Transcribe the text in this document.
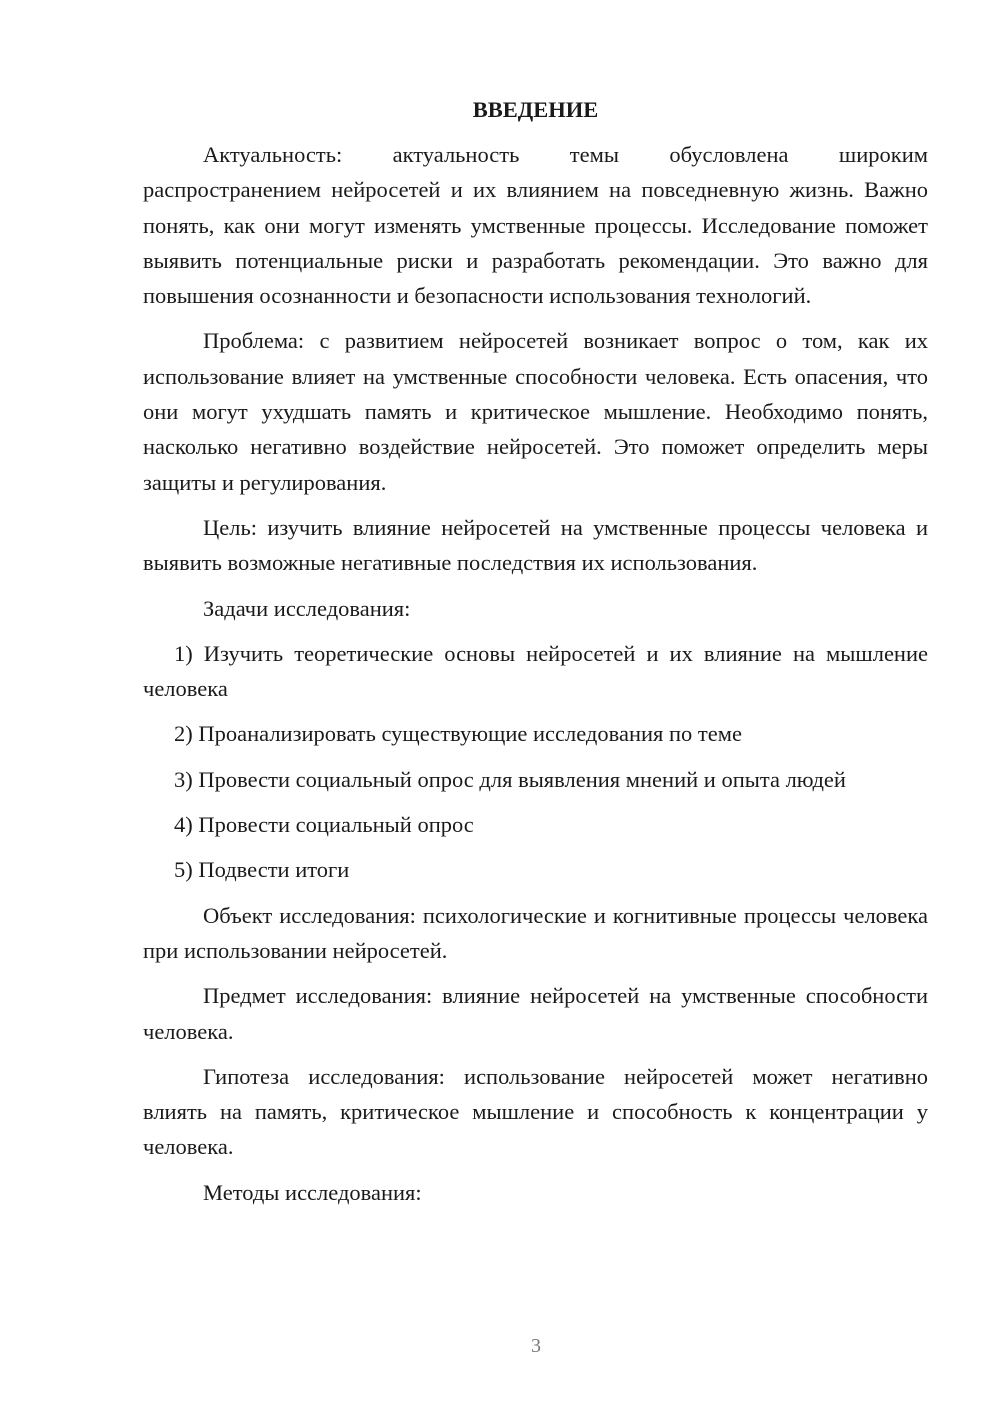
ВВЕДЕНИЕ

Актуальность: актуальность темы обусловлена широким распространением нейросетей и их влиянием на повседневную жизнь. Важно понять, как они могут изменять умственные процессы. Исследование поможет выявить потенциальные риски и разработать рекомендации. Это важно для повышения осознанности и безопасности использования технологий.

Проблема: с развитием нейросетей возникает вопрос о том, как их использование влияет на умственные способности человека. Есть опасения, что они могут ухудшать память и критическое мышление. Необходимо понять, насколько негативно воздействие нейросетей. Это поможет определить меры защиты и регулирования.

Цель: изучить влияние нейросетей на умственные процессы человека и выявить возможные негативные последствия их использования.

Задачи исследования:

1) Изучить теоретические основы нейросетей и их влияние на мышление человека

2) Проанализировать существующие исследования по теме

3) Провести социальный опрос для выявления мнений и опыта людей

4) Провести социальный опрос

5) Подвести итоги

Объект исследования: психологические и когнитивные процессы человека при использовании нейросетей.

Предмет исследования: влияние нейросетей на умственные способности человека.

Гипотеза исследования: использование нейросетей может негативно влиять на память, критическое мышление и способность к концентрации у человека.

Методы исследования:

3
